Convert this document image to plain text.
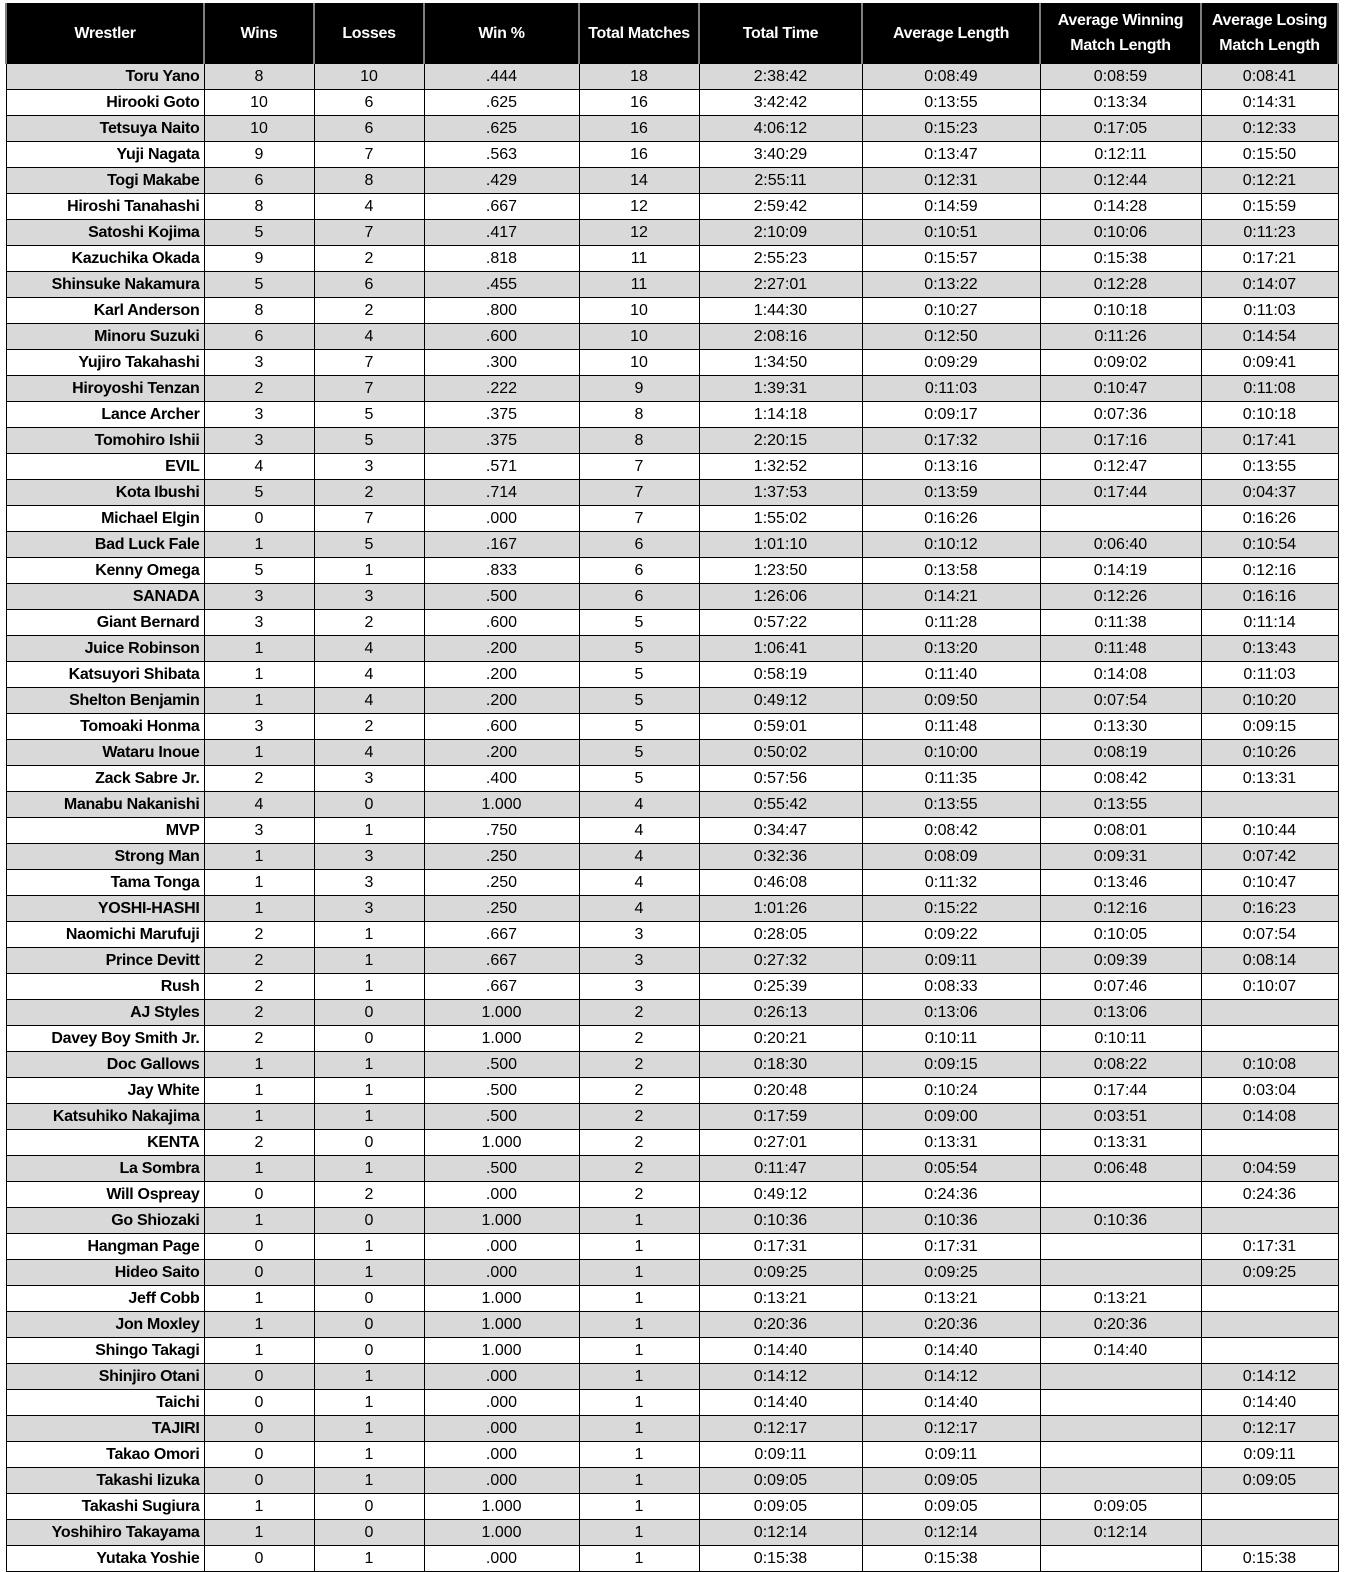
Wrestler	Wins	Losses	Win %	Total Matches	Total Time	Average Length	Average Winning Match Length	Average Losing Match Length
Toru Yano	8	10	.444	18	2:38:42	0:08:49	0:08:59	0:08:41
Hirooki Goto	10	6	.625	16	3:42:42	0:13:55	0:13:34	0:14:31
Tetsuya Naito	10	6	.625	16	4:06:12	0:15:23	0:17:05	0:12:33
Yuji Nagata	9	7	.563	16	3:40:29	0:13:47	0:12:11	0:15:50
Togi Makabe	6	8	.429	14	2:55:11	0:12:31	0:12:44	0:12:21
Hiroshi Tanahashi	8	4	.667	12	2:59:42	0:14:59	0:14:28	0:15:59
Satoshi Kojima	5	7	.417	12	2:10:09	0:10:51	0:10:06	0:11:23
Kazuchika Okada	9	2	.818	11	2:55:23	0:15:57	0:15:38	0:17:21
Shinsuke Nakamura	5	6	.455	11	2:27:01	0:13:22	0:12:28	0:14:07
Karl Anderson	8	2	.800	10	1:44:30	0:10:27	0:10:18	0:11:03
Minoru Suzuki	6	4	.600	10	2:08:16	0:12:50	0:11:26	0:14:54
Yujiro Takahashi	3	7	.300	10	1:34:50	0:09:29	0:09:02	0:09:41
Hiroyoshi Tenzan	2	7	.222	9	1:39:31	0:11:03	0:10:47	0:11:08
Lance Archer	3	5	.375	8	1:14:18	0:09:17	0:07:36	0:10:18
Tomohiro Ishii	3	5	.375	8	2:20:15	0:17:32	0:17:16	0:17:41
EVIL	4	3	.571	7	1:32:52	0:13:16	0:12:47	0:13:55
Kota Ibushi	5	2	.714	7	1:37:53	0:13:59	0:17:44	0:04:37
Michael Elgin	0	7	.000	7	1:55:02	0:16:26		0:16:26
Bad Luck Fale	1	5	.167	6	1:01:10	0:10:12	0:06:40	0:10:54
Kenny Omega	5	1	.833	6	1:23:50	0:13:58	0:14:19	0:12:16
SANADA	3	3	.500	6	1:26:06	0:14:21	0:12:26	0:16:16
Giant Bernard	3	2	.600	5	0:57:22	0:11:28	0:11:38	0:11:14
Juice Robinson	1	4	.200	5	1:06:41	0:13:20	0:11:48	0:13:43
Katsuyori Shibata	1	4	.200	5	0:58:19	0:11:40	0:14:08	0:11:03
Shelton Benjamin	1	4	.200	5	0:49:12	0:09:50	0:07:54	0:10:20
Tomoaki Honma	3	2	.600	5	0:59:01	0:11:48	0:13:30	0:09:15
Wataru Inoue	1	4	.200	5	0:50:02	0:10:00	0:08:19	0:10:26
Zack Sabre Jr.	2	3	.400	5	0:57:56	0:11:35	0:08:42	0:13:31
Manabu Nakanishi	4	0	1.000	4	0:55:42	0:13:55	0:13:55	
MVP	3	1	.750	4	0:34:47	0:08:42	0:08:01	0:10:44
Strong Man	1	3	.250	4	0:32:36	0:08:09	0:09:31	0:07:42
Tama Tonga	1	3	.250	4	0:46:08	0:11:32	0:13:46	0:10:47
YOSHI-HASHI	1	3	.250	4	1:01:26	0:15:22	0:12:16	0:16:23
Naomichi Marufuji	2	1	.667	3	0:28:05	0:09:22	0:10:05	0:07:54
Prince Devitt	2	1	.667	3	0:27:32	0:09:11	0:09:39	0:08:14
Rush	2	1	.667	3	0:25:39	0:08:33	0:07:46	0:10:07
AJ Styles	2	0	1.000	2	0:26:13	0:13:06	0:13:06	
Davey Boy Smith Jr.	2	0	1.000	2	0:20:21	0:10:11	0:10:11	
Doc Gallows	1	1	.500	2	0:18:30	0:09:15	0:08:22	0:10:08
Jay White	1	1	.500	2	0:20:48	0:10:24	0:17:44	0:03:04
Katsuhiko Nakajima	1	1	.500	2	0:17:59	0:09:00	0:03:51	0:14:08
KENTA	2	0	1.000	2	0:27:01	0:13:31	0:13:31	
La Sombra	1	1	.500	2	0:11:47	0:05:54	0:06:48	0:04:59
Will Ospreay	0	2	.000	2	0:49:12	0:24:36		0:24:36
Go Shiozaki	1	0	1.000	1	0:10:36	0:10:36	0:10:36	
Hangman Page	0	1	.000	1	0:17:31	0:17:31		0:17:31
Hideo Saito	0	1	.000	1	0:09:25	0:09:25		0:09:25
Jeff Cobb	1	0	1.000	1	0:13:21	0:13:21	0:13:21	
Jon Moxley	1	0	1.000	1	0:20:36	0:20:36	0:20:36	
Shingo Takagi	1	0	1.000	1	0:14:40	0:14:40	0:14:40	
Shinjiro Otani	0	1	.000	1	0:14:12	0:14:12		0:14:12
Taichi	0	1	.000	1	0:14:40	0:14:40		0:14:40
TAJIRI	0	1	.000	1	0:12:17	0:12:17		0:12:17
Takao Omori	0	1	.000	1	0:09:11	0:09:11		0:09:11
Takashi Iizuka	0	1	.000	1	0:09:05	0:09:05		0:09:05
Takashi Sugiura	1	0	1.000	1	0:09:05	0:09:05	0:09:05	
Yoshihiro Takayama	1	0	1.000	1	0:12:14	0:12:14	0:12:14	
Yutaka Yoshie	0	1	.000	1	0:15:38	0:15:38		0:15:38
